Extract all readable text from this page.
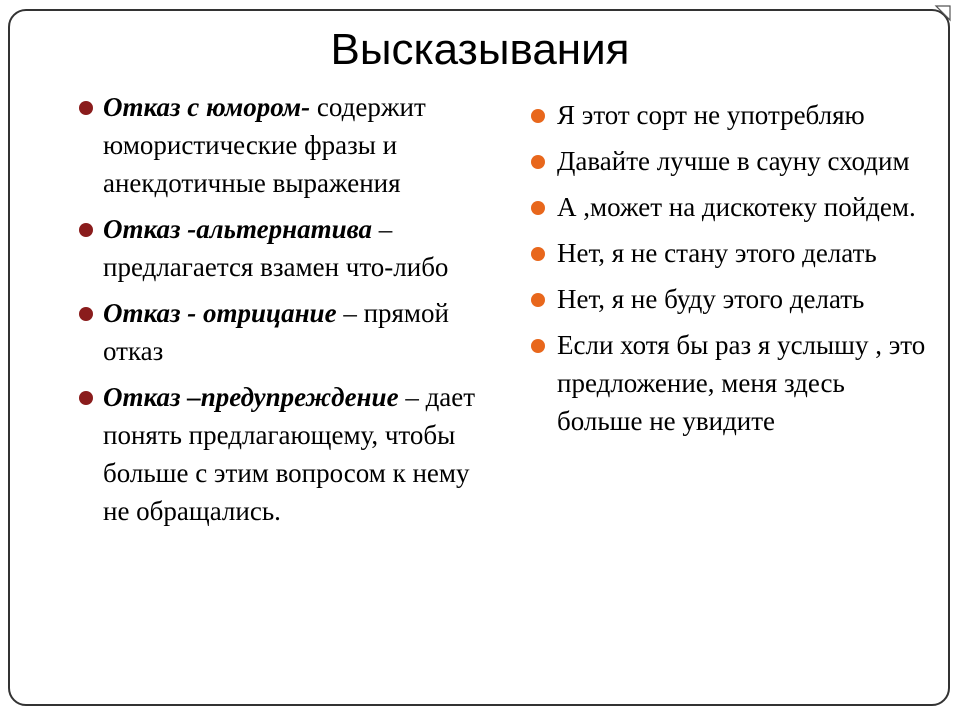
Высказывания
Отказ с юмором- содержит юмористические фразы и анекдотичные выражения
Отказ -альтернатива – предлагается взамен что-либо
Отказ - отрицание – прямой отказ
Отказ –предупреждение – дает понять предлагающему, чтобы больше с этим вопросом к нему не обращались.
Я этот сорт не употребляю
Давайте лучше в сауну сходим
А ,может на дискотеку пойдем.
Нет, я не стану этого делать
Нет, я не буду этого делать
Если хотя бы раз я услышу , это предложение, меня здесь больше не увидите
